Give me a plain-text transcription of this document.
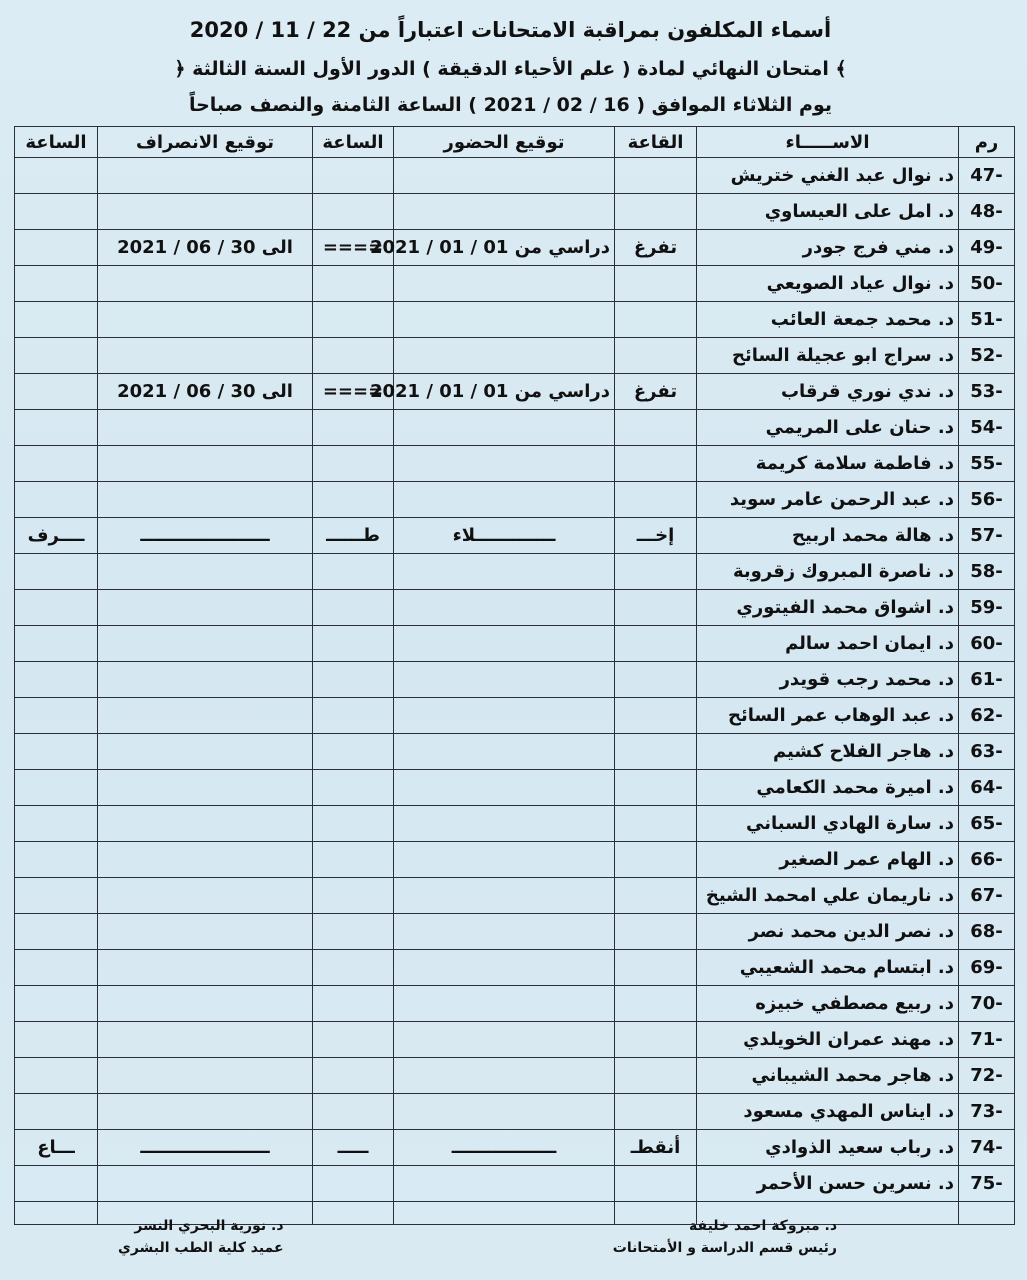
أسماء المكلفون بمراقبة الامتحانات اعتباراً من 22 / 11 / 2020
﴾ امتحان النهائي لمادة ( علم الأحياء الدقيقة ) الدور الأول السنة الثالثة ﴿
يوم الثلاثاء الموافق ( 16 / 02 / 2021 ) الساعة الثامنة والنصف صباحاً
رم	الاســـــاء	القاعة	توقيع الحضور	الساعة	توقيع الانصراف	الساعة
47-	د. نوال عبد الغني ختريش					
48-	د. امل على العيساوي					
49-	د. مني فرج جودر	تفرغ	دراسي من 01 / 01 / 2021	====	الى 30 / 06 / 2021	
50-	د. نوال عياد الصويعي					
51-	د. محمد جمعة العائب					
52-	د. سراج ابو عجيلة السائح					
53-	د. ندي نوري قرقاب	تفرغ	دراسي من 01 / 01 / 2021	====	الى 30 / 06 / 2021	
54-	د. حنان على المريمي					
55-	د. فاطمة سلامة كريمة					
56-	د. عبد الرحمن عامر سويد					
57-	د. هالة محمد اربيح	إخـــ	ـــــــــــــلاء	طــــــ	ـــــــــــــــــــــ	ــــرف
58-	د. ناصرة المبروك زقروبة					
59-	د. اشواق محمد الفيتوري					
60-	د. ايمان احمد سالم					
61-	د. محمد رجب قويدر					
62-	د. عبد الوهاب عمر السائح					
63-	د. هاجر الفلاح كشيم					
64-	د. اميرة محمد الكعامي					
65-	د. سارة الهادي السباني					
66-	د. الهام عمر الصغير					
67-	د. ناريمان علي امحمد الشيخ					
68-	د. نصر الدين محمد نصر					
69-	د. ابتسام محمد الشعيبي					
70-	د. ربيع مصطفي خبيزه					
71-	د. مهند عمران الخويلدي					
72-	د. هاجر محمد الشيباني					
73-	د. ايناس المهدي مسعود					
74-	د. رباب سعيد الذوادي	أنقطـ	ـــــــــــــــــ	ـــــ	ـــــــــــــــــــــ	ـــاع
75-	د. نسرين حسن الأحمر					

د. مبروكة احمد خليفة
رئيس قسم الدراسة و الأمتحانات
د. نورية البحري النسر
عميد كلية الطب البشري
